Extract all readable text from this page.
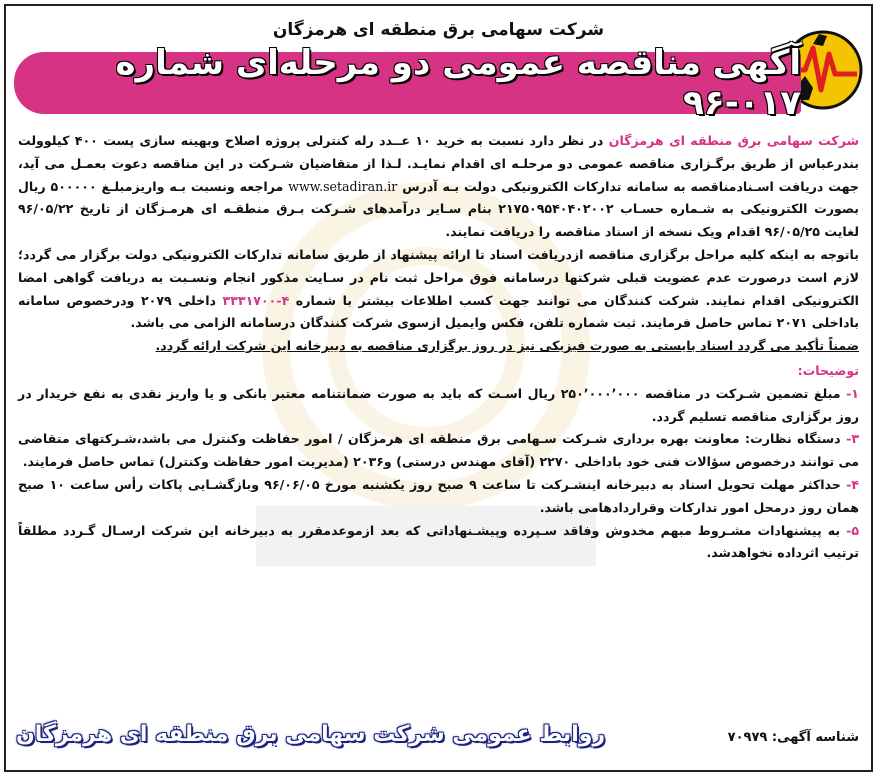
شرکت سهامی برق منطقه ای هرمزگان
آگهی مناقصه عمومی دو مرحله‌ای شماره ۰۱۷-۹۶

شرکت سهامی برق منطقه ای هرمزگان در نظر دارد نسبت به خرید ۱۰ عــدد رله کنترلی پروژه اصلاح وبهینه سازی پست ۴۰۰ کیلوولت بندرعباس از طریق برگـزاری مناقصه عمومی دو مرحلـه ای اقدام نمایـد. لـذا از متقاضیان شـرکت در این مناقصه دعوت بعمـل می آید، جهت دریافت اسـنادمناقصه به سامانه تدارکات الکترونیکی دولت بـه آدرس www.setadiran.ir مراجعه ونسبت بـه واریزمبلـغ ۵۰۰۰۰۰ ریال بصورت الکترونیکی به شـماره حسـاب ۲۱۷۵۰۹۵۴۰۴۰۲۰۰۲ بنام سـایر درآمدهای شـرکت بـرق منطقـه ای هرمـزگان از تاریخ ۹۶/۰۵/۲۲ لغایت ۹۶/۰۵/۲۵ اقدام ویک نسخه از اسناد مناقصه را دریافت نمایند.

باتوجه به اینکه کلیه مراحل برگزاری مناقصه ازدریافت اسناد تا ارائه پیشنهاد از طریق سامانه تدارکات الکترونیکی دولت برگزار می گردد؛ لازم است درصورت عدم عضویت قبلی شرکتها درسامانه فوق مراحل ثبت نام در سـایت مذکور انجام ونسـبت به دریافت گواهی امضا الکترونیکی اقدام نمایند. شرکت کنندگان می توانند جهت کسب اطلاعات بیشتر با شماره ۴-۳۳۳۱۷۰۰ داخلی ۲۰۷۹ ودرخصوص سامانه باداخلی ۲۰۷۱ تماس حاصل فرمایند. ثبت شماره تلفن، فکس وایمیل ازسوی شرکت کنندگان درسامانه الزامی می باشد.

ضمناً تأکید می گردد اسناد بایستی به صورت فیزیکی نیز در روز برگزاری مناقصه به دبیرخانه این شرکت ارائه گردد.

توضیحات:

۱- مبلغ تضمین شـرکت در مناقصه ۲۵۰٬۰۰۰٬۰۰۰ ریال اسـت که باید به صورت ضمانتنامه معتبر بانکی و یا واریز نقدی به نفع خریدار در روز برگزاری مناقصه تسلیم گردد.

۳- دستگاه نظارت: معاونت بهره برداری شـرکت سـهامی برق منطقه ای هرمزگان / امور حفاظت وکنترل می باشد،شـرکتهای متقاضی می توانند درخصوص سؤالات فنی خود باداخلی ۲۲۷۰ (آقای مهندس درستی) و۲۰۳۶ (مدیریت امور حفاظت وکنترل) تماس حاصل فرمایند.

۴- حداکثر مهلت تحویل اسناد به دبیرخانه اینشـرکت تا ساعت ۹ صبح روز یکشنبه مورخ ۹۶/۰۶/۰۵ وبازگشـایی پاکات رأس ساعت ۱۰ صبح همان روز درمحل امور تدارکات وقراردادهامی باشد.

۵- به پیشنهادات مشـروط مبهم مخدوش وفاقد سـپرده وپیشـنهاداتی که بعد ازموعدمقرر به دبیرخانه این شرکت ارسـال گـردد مطلقاً ترتیب اثرداده نخواهدشد.

شناسه آگهی: ۷۰۹۷۹
روابط عمومی شرکت سهامی برق منطقه ای هرمزگان
